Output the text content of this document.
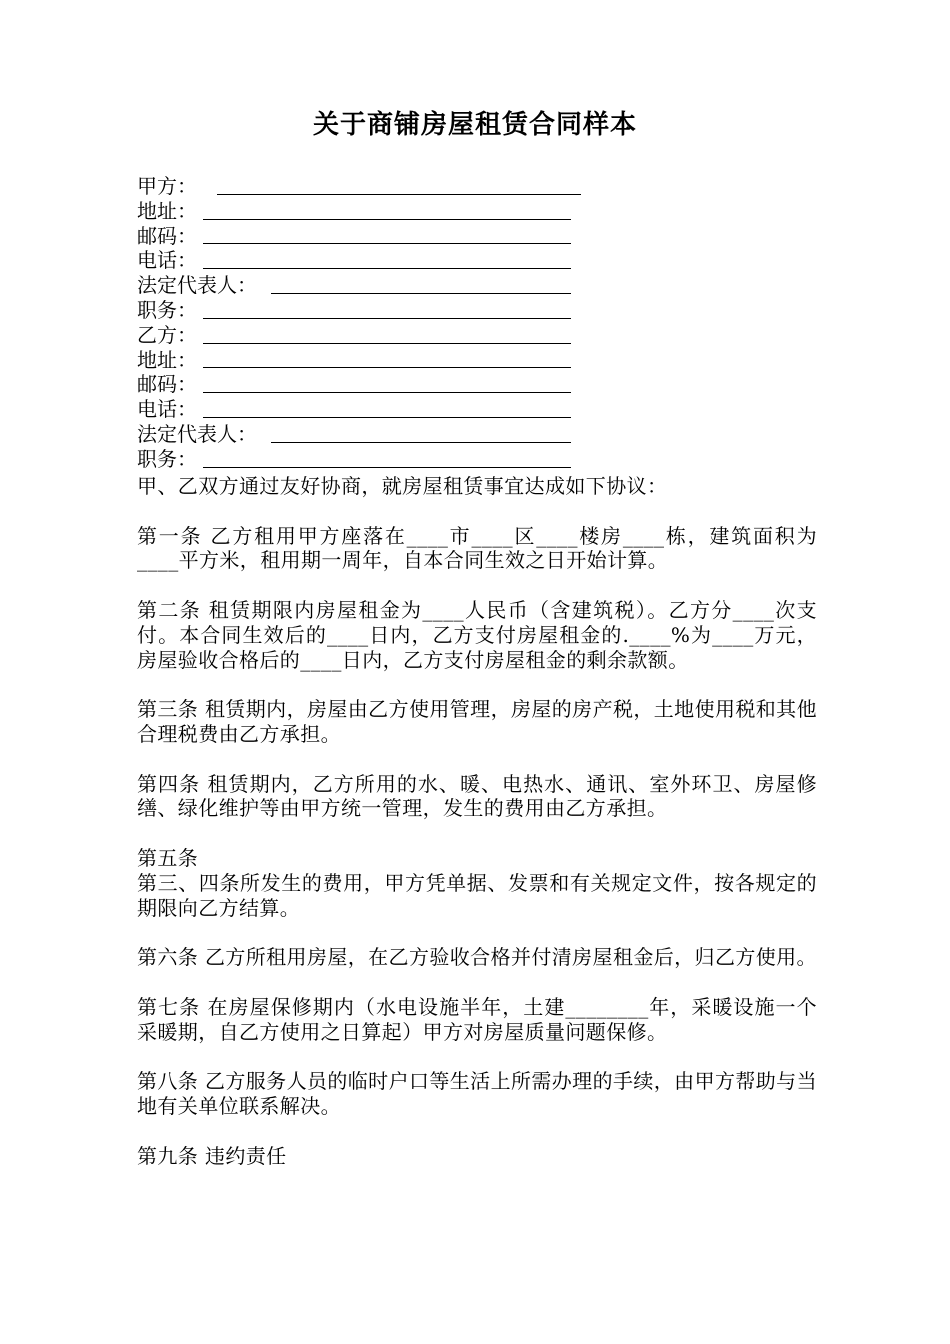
关于商铺房屋租赁合同样本
甲方：
地址：
邮码：
电话：
法定代表人：
职务：
乙方：
地址：
邮码：
电话：
法定代表人：
职务：

甲、乙双方通过友好协商，就房屋租赁事宜达成如下协议：

第一条 乙方租用甲方座落在____市____区____楼房____栋，建筑面积为____平方米，租用期一周年，自本合同生效之日开始计算。

第二条 租赁期限内房屋租金为____人民币（含建筑税）。乙方分____次支付。本合同生效后的____日内，乙方支付房屋租金的.____%为____万元，房屋验收合格后的____日内，乙方支付房屋租金的剩余款额。

第三条 租赁期内，房屋由乙方使用管理，房屋的房产税，土地使用税和其他合理税费由乙方承担。

第四条 租赁期内，乙方所用的水、暖、电热水、通讯、室外环卫、房屋修缮、绿化维护等由甲方统一管理，发生的费用由乙方承担。

第五条

第三、四条所发生的费用，甲方凭单据、发票和有关规定文件，按各规定的期限向乙方结算。

第六条 乙方所租用房屋，在乙方验收合格并付清房屋租金后，归乙方使用。

第七条 在房屋保修期内（水电设施半年，土建________年，采暖设施一个采暖期，自乙方使用之日算起）甲方对房屋质量问题保修。

第八条 乙方服务人员的临时户口等生活上所需办理的手续，由甲方帮助与当地有关单位联系解决。

第九条 违约责任
